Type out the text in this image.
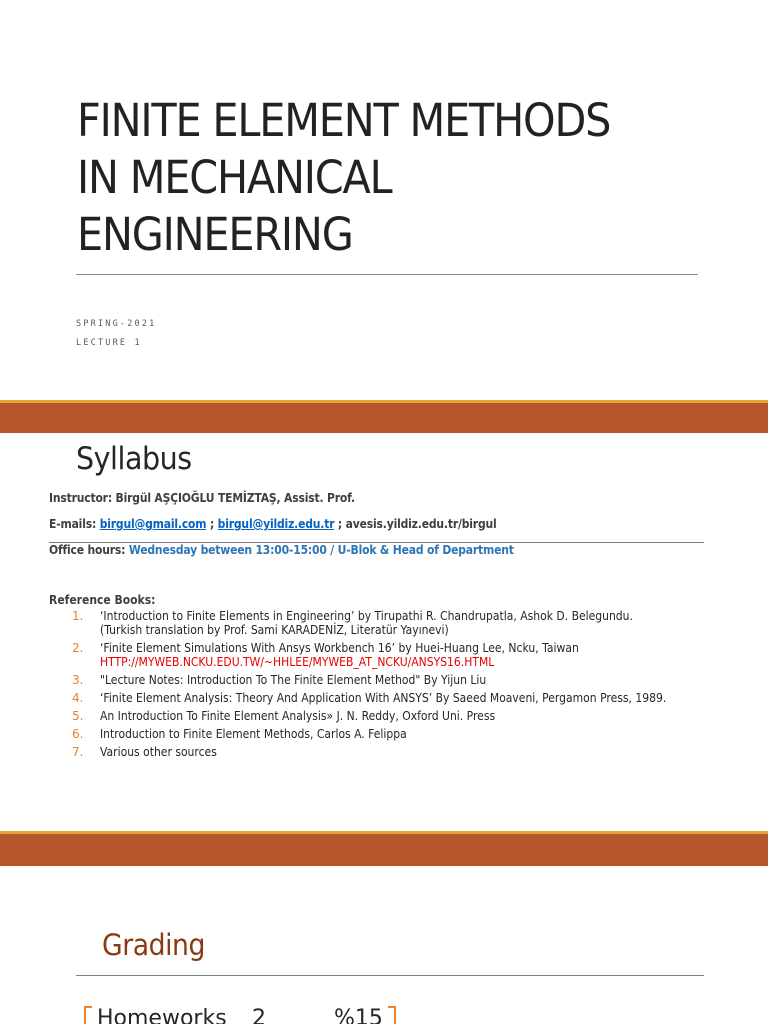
FINITE ELEMENT METHODS
IN MECHANICAL
ENGINEERING
SPRING-2021
LECTURE 1
Syllabus
Instructor: Birgül AŞÇIOĞLU TEMİZTAŞ, Assist. Prof.
E-mails: birgul@gmail.com ; birgul@yildiz.edu.tr ; avesis.yildiz.edu.tr/birgul
Office hours: Wednesday between 13:00-15:00 / U-Blok & Head of Department
Reference Books:
1. ‘Introduction to Finite Elements in Engineering’ by Tirupathi R. Chandrupatla, Ashok D. Belegundu. (Turkish translation by Prof. Sami KARADENİZ, Literatür Yayınevi)
2. ‘Finite Element Simulations With Ansys Workbench 16’ by Huei-Huang Lee, Ncku, Taiwan
HTTP://MYWEB.NCKU.EDU.TW/~HHLEE/MYWEB_AT_NCKU/ANSYS16.HTML
3. "Lecture Notes: Introduction To The Finite Element Method" By Yijun Liu
4. ‘Finite Element Analysis: Theory And Application With ANSYS’ By Saeed Moaveni, Pergamon Press, 1989.
5. An Introduction To Finite Element Analysis» J. N. Reddy, Oxford Uni. Press
6. Introduction to Finite Element Methods, Carlos A. Felippa
7. Various other sources
Grading
Homeworks 2	%15
